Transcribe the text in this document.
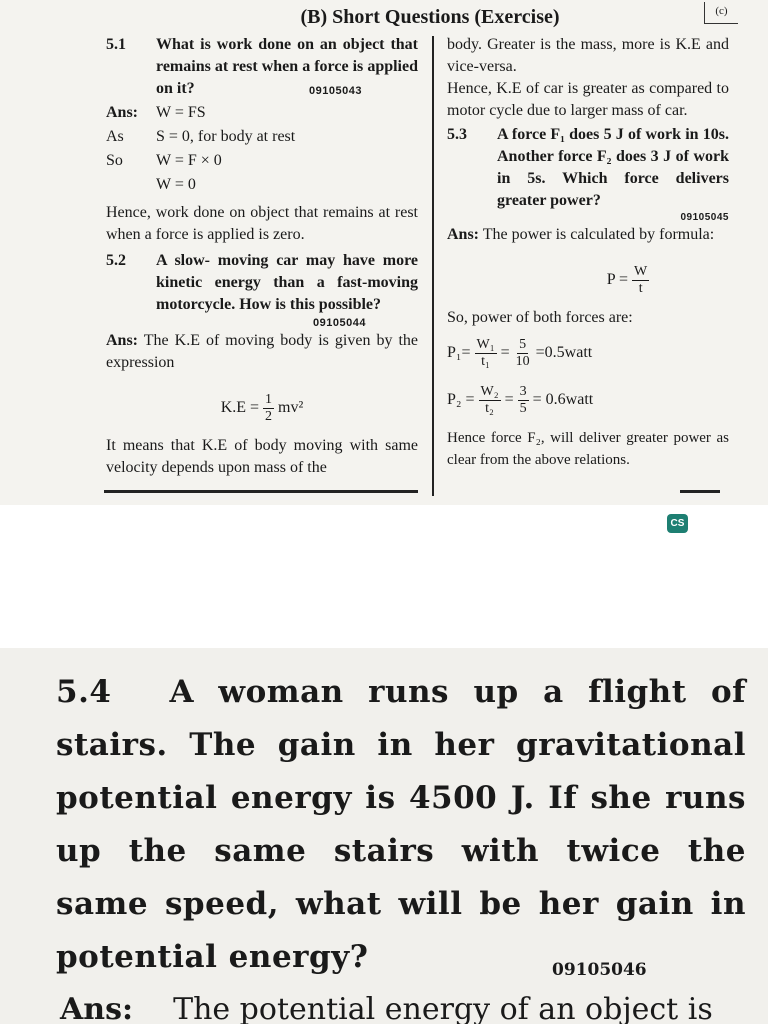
(c)
(B) Short Questions (Exercise)
5.1	What is work done on an object that remains at rest when a force is applied on it?	09105043
Ans:	W = FS
As	S = 0, for body at rest
So	W = F × 0
W = 0

Hence, work done on object that remains at rest when a force is applied is zero.

5.2	A slow- moving car may have more kinetic energy than a fast-moving motorcycle. How is this possible?
09105044

Ans: The K.E of moving body is given by the expression

$K.E = \frac{1}{2} mv^2$

It means that K.E of body moving with same velocity depends upon mass of the

body. Greater is the mass, more is K.E and vice-versa.

Hence, K.E of car is greater as compared to motor cycle due to larger mass of car.

5.3	A force F₁ does 5 J of work in 10s. Another force F₂ does 3 J of work in 5s. Which force delivers greater power?
09105045

Ans: The power is calculated by formula:

$P = \frac{W}{t}$

So, power of both forces are:

$P_1= \frac{\text{W₁}}{\text{t₁}} = \frac{5}{10}$ =0.5watt
$P_2 = \frac{\text{W₂}}{\text{t₂}} = \frac{3}{5}$ = 0.6watt

Hence force F₂, will deliver greater power as clear from the above relations.

CS

5.4 A woman runs up a flight of stairs. The gain in her gravitational potential energy is 4500 J. If she runs up the same stairs with twice the same speed, what will be her gain in potential energy?	09105046
Ans: The potential energy of an object is
